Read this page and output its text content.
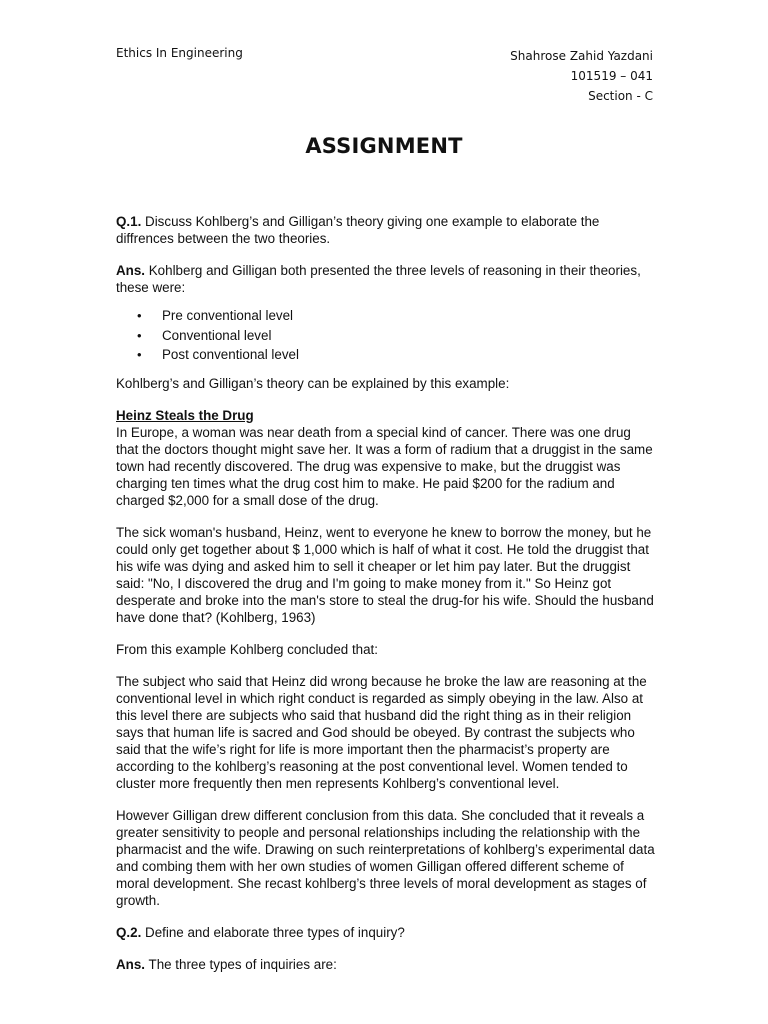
Ethics In Engineering	Shahrose Zahid Yazdani
101519 – 041
Section - C
ASSIGNMENT

Q.1. Discuss Kohlberg’s and Gilligan’s theory giving one example to elaborate the diffrences between the two theories.

Ans. Kohlberg and Gilligan both presented the three levels of reasoning in their theories, these were:

• Pre conventional level
• Conventional level
• Post conventional level

Kohlberg’s and Gilligan’s theory can be explained by this example:

Heinz Steals the Drug

In Europe, a woman was near death from a special kind of cancer. There was one drug that the doctors thought might save her. It was a form of radium that a druggist in the same town had recently discovered. The drug was expensive to make, but the druggist was charging ten times what the drug cost him to make. He paid $200 for the radium and charged $2,000 for a small dose of the drug.

The sick woman's husband, Heinz, went to everyone he knew to borrow the money, but he could only get together about $ 1,000 which is half of what it cost. He told the druggist that his wife was dying and asked him to sell it cheaper or let him pay later. But the druggist said: "No, I discovered the drug and I'm going to make money from it." So Heinz got desperate and broke into the man's store to steal the drug-for his wife. Should the husband have done that? (Kohlberg, 1963)

From this example Kohlberg concluded that:

The subject who said that Heinz did wrong because he broke the law are reasoning at the conventional level in which right conduct is regarded as simply obeying in the law. Also at this level there are subjects who said that husband did the right thing as in their religion says that human life is sacred and God should be obeyed. By contrast the subjects who said that the wife’s right for life is more important then the pharmacist’s property are according to the kohlberg’s reasoning at the post conventional level. Women tended to cluster more frequently then men represents Kohlberg’s conventional level.

However Gilligan drew different conclusion from this data. She concluded that it reveals a greater sensitivity to people and personal relationships including the relationship with the pharmacist and the wife. Drawing on such reinterpretations of kohlberg’s experimental data and combing them with her own studies of women Gilligan offered different scheme of moral development. She recast kohlberg’s three levels of moral development as stages of growth.

Q.2. Define and elaborate three types of inquiry?

Ans. The three types of inquiries are:
